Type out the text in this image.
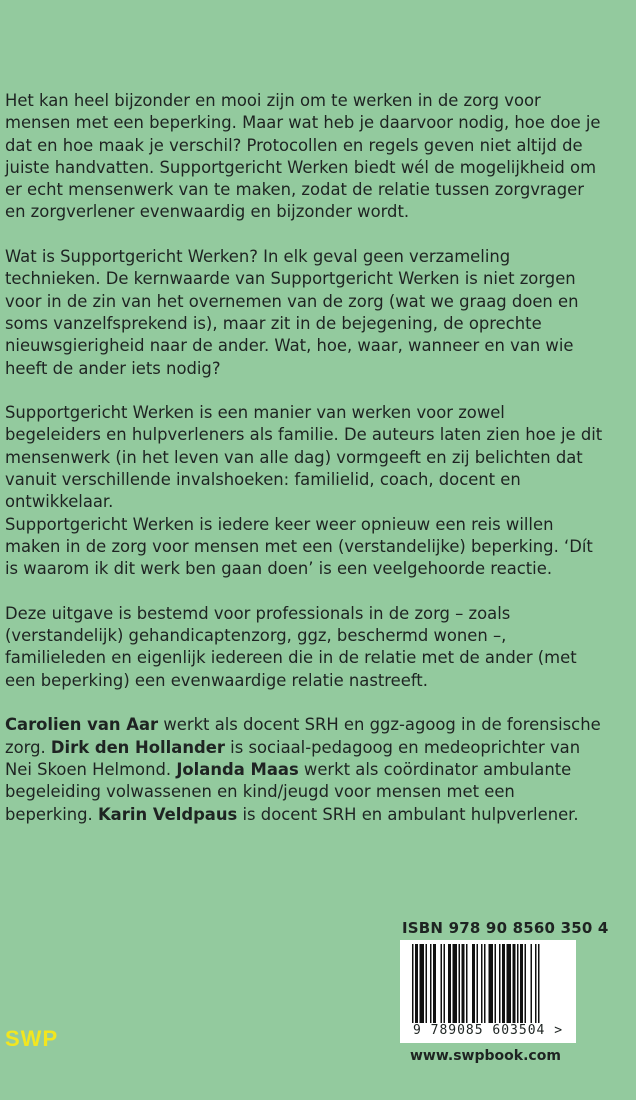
Het kan heel bijzonder en mooi zijn om te werken in de zorg voor mensen met een beperking. Maar wat heb je daarvoor nodig, hoe doe je dat en hoe maak je verschil? Protocollen en regels geven niet altijd de juiste handvatten. Supportgericht Werken biedt wél de mogelijkheid om er echt mensenwerk van te maken, zodat de relatie tussen zorgvrager en zorgverlener evenwaardig en bijzonder wordt.

Wat is Supportgericht Werken? In elk geval geen verzameling technieken. De kernwaarde van Supportgericht Werken is niet zorgen voor in de zin van het overnemen van de zorg (wat we graag doen en soms vanzelfsprekend is), maar zit in de bejegening, de oprechte nieuwsgierigheid naar de ander. Wat, hoe, waar, wanneer en van wie heeft de ander iets nodig?

Supportgericht Werken is een manier van werken voor zowel begeleiders en hulpverleners als familie. De auteurs laten zien hoe je dit mensenwerk (in het leven van alle dag) vormgeeft en zij belichten dat vanuit verschillende invalshoeken: familielid, coach, docent en ontwikkelaar.

Supportgericht Werken is iedere keer weer opnieuw een reis willen maken in de zorg voor mensen met een (verstandelijke) beperking. ‘Dít is waarom ik dit werk ben gaan doen’ is een veelgehoorde reactie.

Deze uitgave is bestemd voor professionals in de zorg – zoals (verstandelijk) gehandicaptenzorg, ggz, beschermd wonen –, familieleden en eigenlijk iedereen die in de relatie met de ander (met een beperking) een evenwaardige relatie nastreeft.

Carolien van Aar werkt als docent SRH en ggz-agoog in de forensische zorg. Dirk den Hollander is sociaal-pedagoog en medeoprichter van Nei Skoen Helmond. Jolanda Maas werkt als coördinator ambulante begeleiding volwassenen en kind/jeugd voor mensen met een beperking. Karin Veldpaus is docent SRH en ambulant hulpverlener.

ISBN 978 90 8560 350 4
9 789085 603504 >
www.swpbook.com
SWP
